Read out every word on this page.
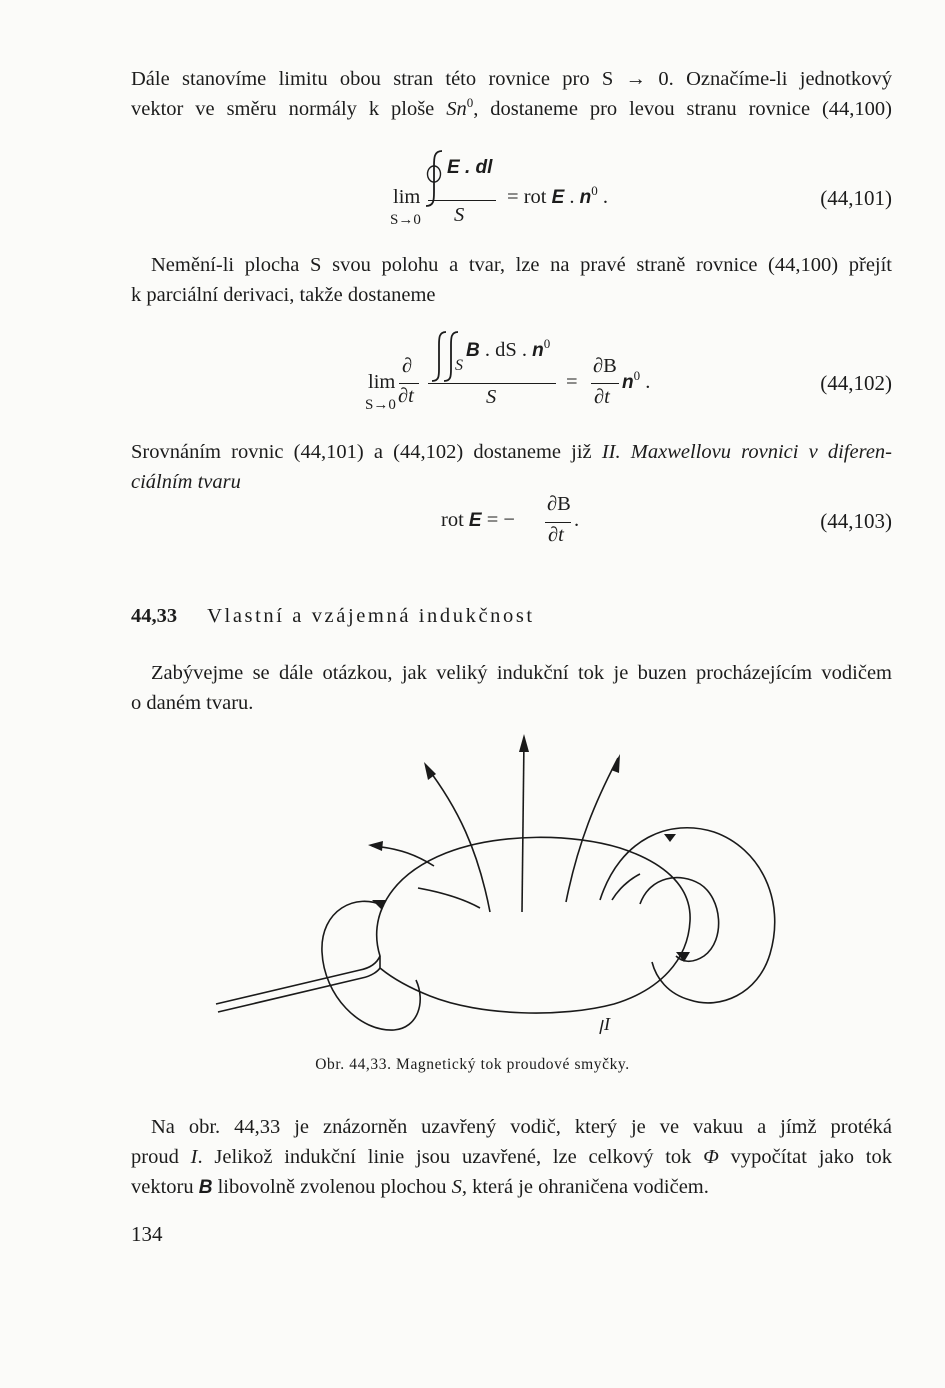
Dále stanovíme limitu obou stran této rovnice pro S → 0. Označíme-li jednotkový
vektor ve směru normály k ploše Sn$^0$, dostaneme pro levou stranu rovnice (44,100)
E . dl
lim
S→0 S
= rot E . $n^0$ .	(44,101)
Nemění-li plocha S svou polohu a tvar, lze na pravé straně rovnice (44,100) přejít
k parciální derivaci, takže dostaneme
∂
lim
∂t
S→0
S
B . dS . $n^0$
S
=
∂B
∂t
$n^0$ .	(44,102)
Srovnáním rovnic (44,101) a (44,102) dostaneme již II. Maxwellovu rovnici v diferen-
ciálním tvaru
rot E = −
∂B
∂t
.	(44,103)
44,33 Vlastní a vzájemná indukčnost
Zabývejme se dále otázkou, jak veliký indukční tok je buzen procházejícím vodičem
o daném tvaru.
I
Obr. 44,33. Magnetický tok proudové smyčky.
Na obr. 44,33 je znázorněn uzavřený vodič, který je ve vakuu a jímž protéká
proud I. Jelikož indukční linie jsou uzavřené, lze celkový tok Φ vypočítat jako tok
vektoru B libovolně zvolenou plochou S, která je ohraničena vodičem.
134
